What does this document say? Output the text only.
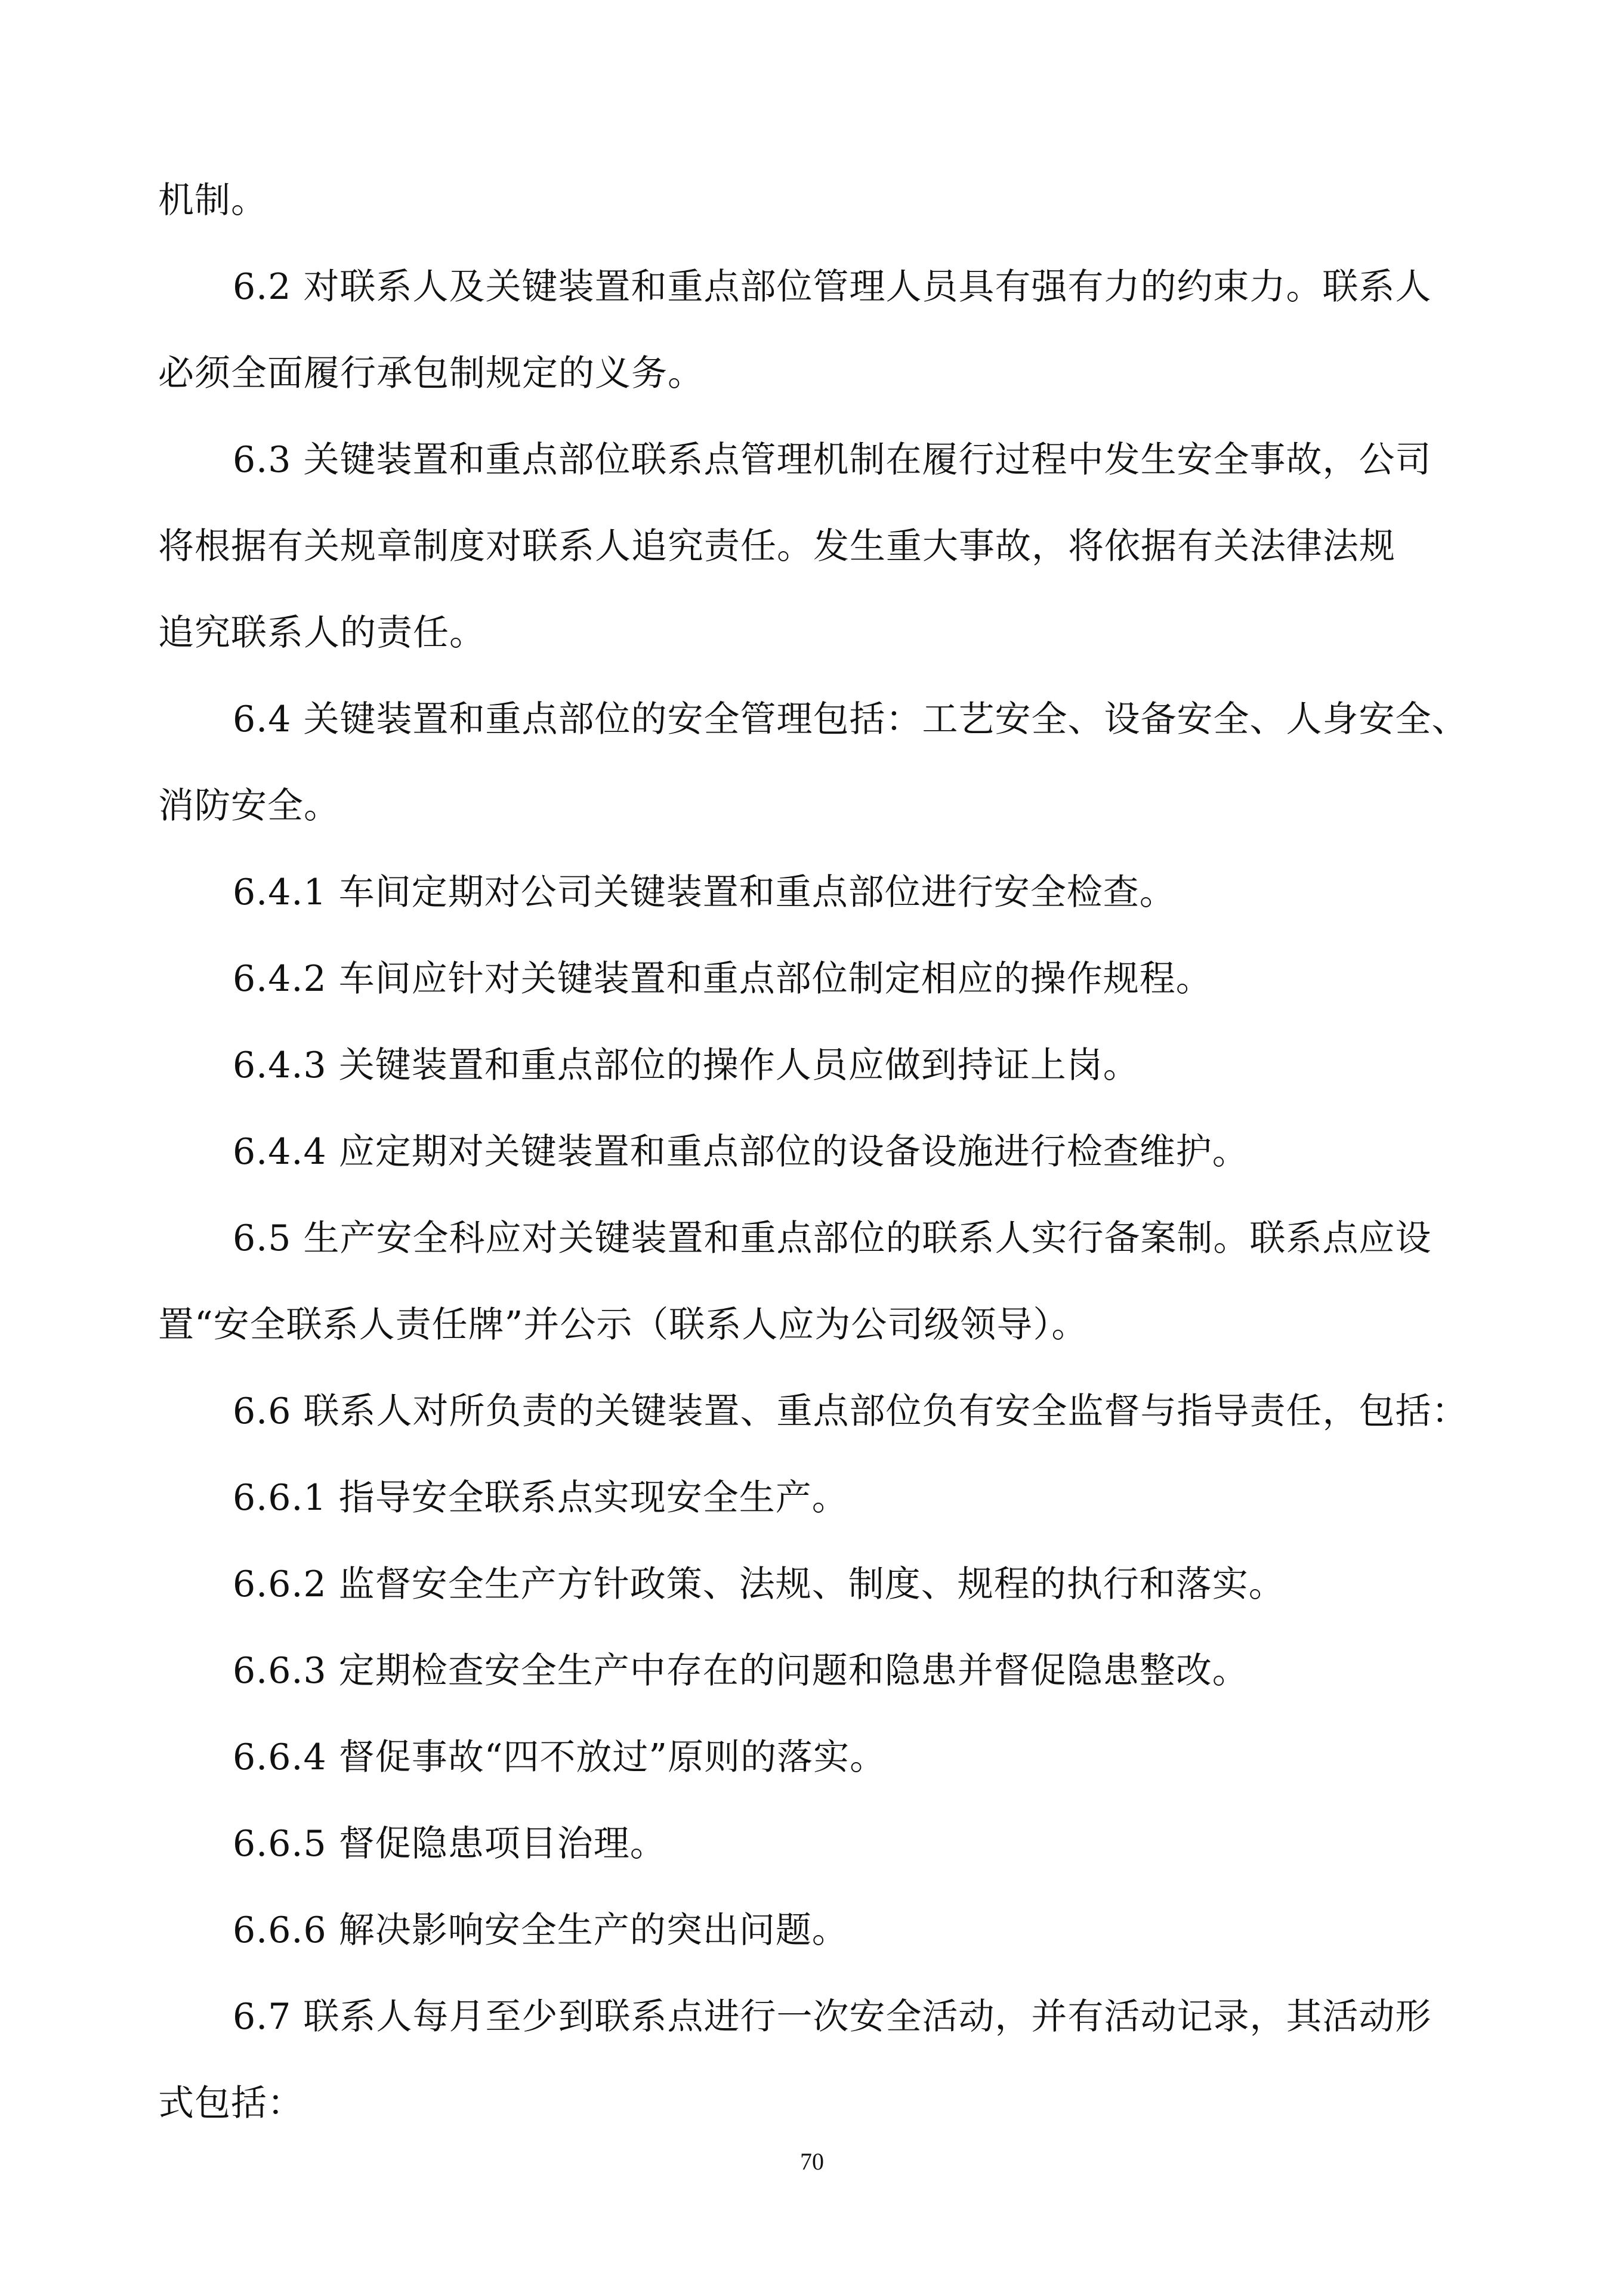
机制。
6.2 对联系人及关键装置和重点部位管理人员具有强有力的约束力。联系人
必须全面履行承包制规定的义务。
6.3 关键装置和重点部位联系点管理机制在履行过程中发生安全事故，公司
将根据有关规章制度对联系人追究责任。发生重大事故，将依据有关法律法规
追究联系人的责任。
6.4 关键装置和重点部位的安全管理包括：工艺安全、设备安全、人身安全、
消防安全。
6.4.1 车间定期对公司关键装置和重点部位进行安全检查。
6.4.2 车间应针对关键装置和重点部位制定相应的操作规程。
6.4.3 关键装置和重点部位的操作人员应做到持证上岗。
6.4.4 应定期对关键装置和重点部位的设备设施进行检查维护。
6.5 生产安全科应对关键装置和重点部位的联系人实行备案制。联系点应设
置“安全联系人责任牌”并公示（联系人应为公司级领导）。
6.6 联系人对所负责的关键装置、重点部位负有安全监督与指导责任，包括：
6.6.1 指导安全联系点实现安全生产。
6.6.2 监督安全生产方针政策、法规、制度、规程的执行和落实。
6.6.3 定期检查安全生产中存在的问题和隐患并督促隐患整改。
6.6.4 督促事故“四不放过”原则的落实。
6.6.5 督促隐患项目治理。
6.6.6 解决影响安全生产的突出问题。
6.7 联系人每月至少到联系点进行一次安全活动，并有活动记录，其活动形
式包括：
70
